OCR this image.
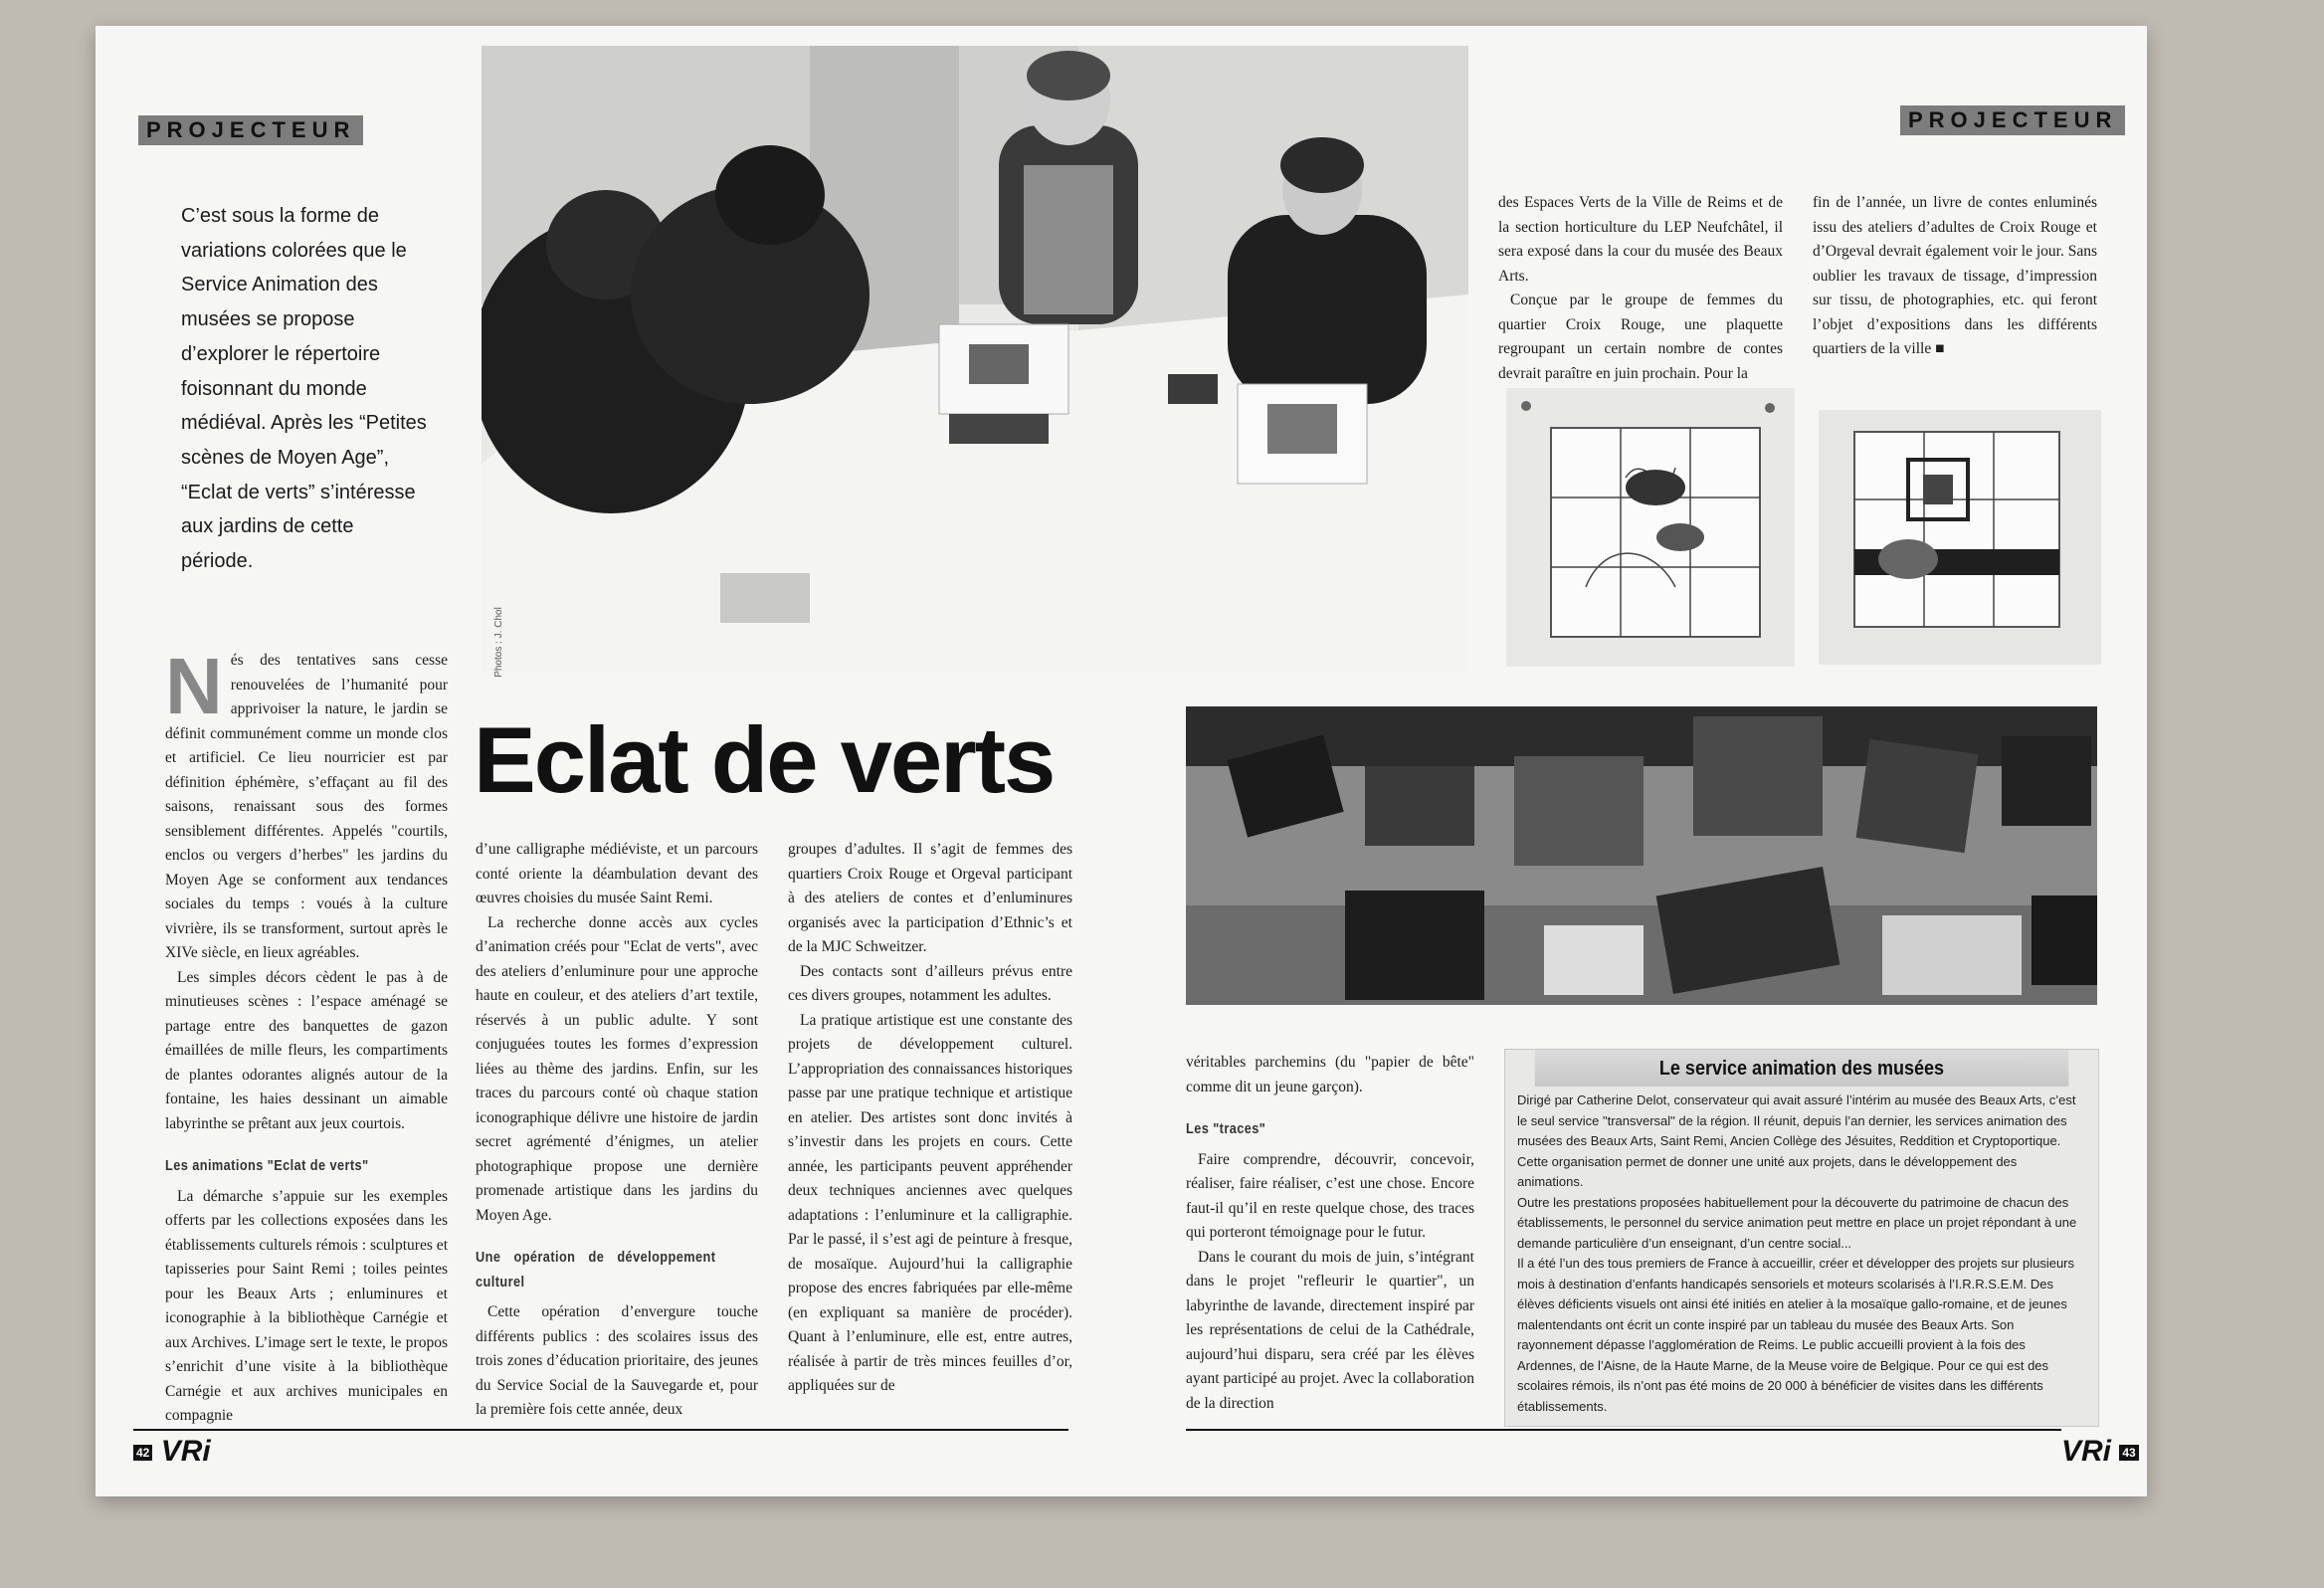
PROJECTEUR	PROJECTEUR
C’est sous la forme de variations colorées que le Service Animation des musées se propose d’explorer le répertoire foisonnant du monde médiéval. Après les “Petites scènes de Moyen Age”, “Eclat de verts” s’intéresse aux jardins de cette période.
Photos : J. Chol
Eclat de verts
N és des tentatives sans cesse renouvelées de l’humanité pour apprivoiser la nature, le jardin se définit communément comme un monde clos et artificiel. Ce lieu nourricier est par définition éphémère, s’effaçant au fil des saisons, renaissant sous des formes sensiblement différentes. Appelés "courtils, enclos ou vergers d’herbes" les jardins du Moyen Age se conforment aux tendances sociales du temps : voués à la culture vivrière, ils se transforment, surtout après le XIVe siècle, en lieux agréables.

Les simples décors cèdent le pas à de minutieuses scènes : l’espace aménagé se partage entre des banquettes de gazon émaillées de mille fleurs, les compartiments de plantes odorantes alignés autour de la fontaine, les haies dessinant un aimable labyrinthe se prêtant aux jeux courtois.

Les animations "Eclat de verts"

La démarche s’appuie sur les exemples offerts par les collections exposées dans les établissements culturels rémois : sculptures et tapisseries pour Saint Remi ; toiles peintes pour les Beaux Arts ; enluminures et iconographie à la bibliothèque Carnégie et aux Archives. L’image sert le texte, le propos s’enrichit d’une visite à la bibliothèque Carnégie et aux archives municipales en compagnie

d’une calligraphe médiéviste, et un parcours conté oriente la déambulation devant des œuvres choisies du musée Saint Remi.

La recherche donne accès aux cycles d’animation créés pour "Eclat de verts", avec des ateliers d’enluminure pour une approche haute en couleur, et des ateliers d’art textile, réservés à un public adulte. Y sont conjuguées toutes les formes d’expression liées au thème des jardins. Enfin, sur les traces du parcours conté où chaque station iconographique délivre une histoire de jardin secret agrémenté d’énigmes, un atelier photographique propose une dernière promenade artistique dans les jardins du Moyen Age.

Une opération de développement culturel

Cette opération d’envergure touche différents publics : des scolaires issus des trois zones d’éducation prioritaire, des jeunes du Service Social de la Sauvegarde et, pour la première fois cette année, deux

groupes d’adultes. Il s’agit de femmes des quartiers Croix Rouge et Orgeval participant à des ateliers de contes et d’enluminures organisés avec la participation d’Ethnic’s et de la MJC Schweitzer.

Des contacts sont d’ailleurs prévus entre ces divers groupes, notamment les adultes.

La pratique artistique est une constante des projets de développement culturel. L’appropriation des connaissances historiques passe par une pratique technique et artistique en atelier. Des artistes sont donc invités à s’investir dans les projets en cours. Cette année, les participants peuvent appréhender deux techniques anciennes avec quelques adaptations : l’enluminure et la calligraphie. Par le passé, il s’est agi de peinture à fresque, de mosaïque. Aujourd’hui la calligraphie propose des encres fabriquées par elle-même (en expliquant sa manière de procéder). Quant à l’enluminure, elle est, entre autres, réalisée à partir de très minces feuilles d’or, appliquées sur de

véritables parchemins (du "papier de bête" comme dit un jeune garçon).

Les "traces"

Faire comprendre, découvrir, concevoir, réaliser, faire réaliser, c’est une chose. Encore faut-il qu’il en reste quelque chose, des traces qui porteront témoignage pour le futur.

Dans le courant du mois de juin, s’intégrant dans le projet "refleurir le quartier", un labyrinthe de lavande, directement inspiré par les représentations de celui de la Cathédrale, aujourd’hui disparu, sera créé par les élèves ayant participé au projet. Avec la collaboration de la direction

des Espaces Verts de la Ville de Reims et de la section horticulture du LEP Neufchâtel, il sera exposé dans la cour du musée des Beaux Arts.

Conçue par le groupe de femmes du quartier Croix Rouge, une plaquette regroupant un certain nombre de contes devrait paraître en juin prochain. Pour la

fin de l’année, un livre de contes enluminés issu des ateliers d’adultes de Croix Rouge et d’Orgeval devrait également voir le jour. Sans oublier les travaux de tissage, d’impression sur tissu, de photographies, etc. qui feront l’objet d’expositions dans les différents quartiers de la ville ■

Le service animation des musées
Dirigé par Catherine Delot, conservateur qui avait assuré l’intérim au musée des Beaux Arts, c’est le seul service "transversal" de la région. Il réunit, depuis l’an dernier, les services animation des musées des Beaux Arts, Saint Remi, Ancien Collège des Jésuites, Reddition et Cryptoportique. Cette organisation permet de donner une unité aux projets, dans le développement des animations.
Outre les prestations proposées habituellement pour la découverte du patrimoine de chacun des établissements, le personnel du service animation peut mettre en place un projet répondant à une demande particulière d’un enseignant, d’un centre social...
Il a été l’un des tous premiers de France à accueillir, créer et développer des projets sur plusieurs mois à destination d’enfants handicapés sensoriels et moteurs scolarisés à l’I.R.R.S.E.M. Des élèves déficients visuels ont ainsi été initiés en atelier à la mosaïque gallo-romaine, et de jeunes malentendants ont écrit un conte inspiré par un tableau du musée des Beaux Arts. Son rayonnement dépasse l’agglomération de Reims. Le public accueilli provient à la fois des Ardennes, de l’Aisne, de la Haute Marne, de la Meuse voire de Belgique. Pour ce qui est des scolaires rémois, ils n’ont pas été moins de 20 000 à bénéficier de visites dans les différents établissements.
42 VRi	VRi 43
